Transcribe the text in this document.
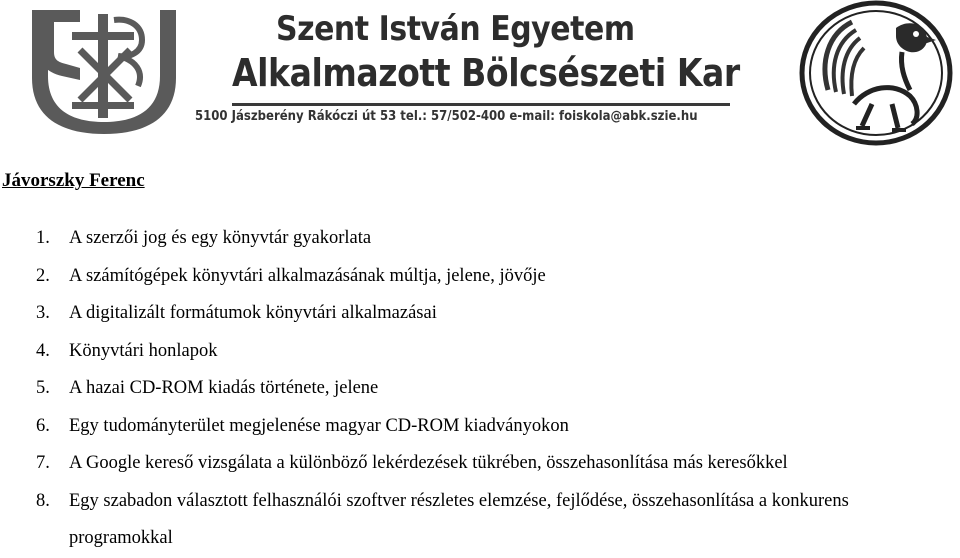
Szent István Egyetem
Alkalmazott Bölcsészeti Kar

5100 Jászberény Rákóczi út 53 tel.: 57/502-400 e-mail: foiskola@abk.szie.hu

Jávorszky Ferenc

1. A szerzői jog és egy könyvtár gyakorlata
2. A számítógépek könyvtári alkalmazásának múltja, jelene, jövője
3. A digitalizált formátumok könyvtári alkalmazásai
4. Könyvtári honlapok
5. A hazai CD-ROM kiadás története, jelene
6. Egy tudományterület megjelenése magyar CD-ROM kiadványokon
7. A Google kereső vizsgálata a különböző lekérdezések tükrében, összehasonlítása más keresőkkel
8. Egy szabadon választott felhasználói szoftver részletes elemzése, fejlődése, összehasonlítása a konkurens programokkal
